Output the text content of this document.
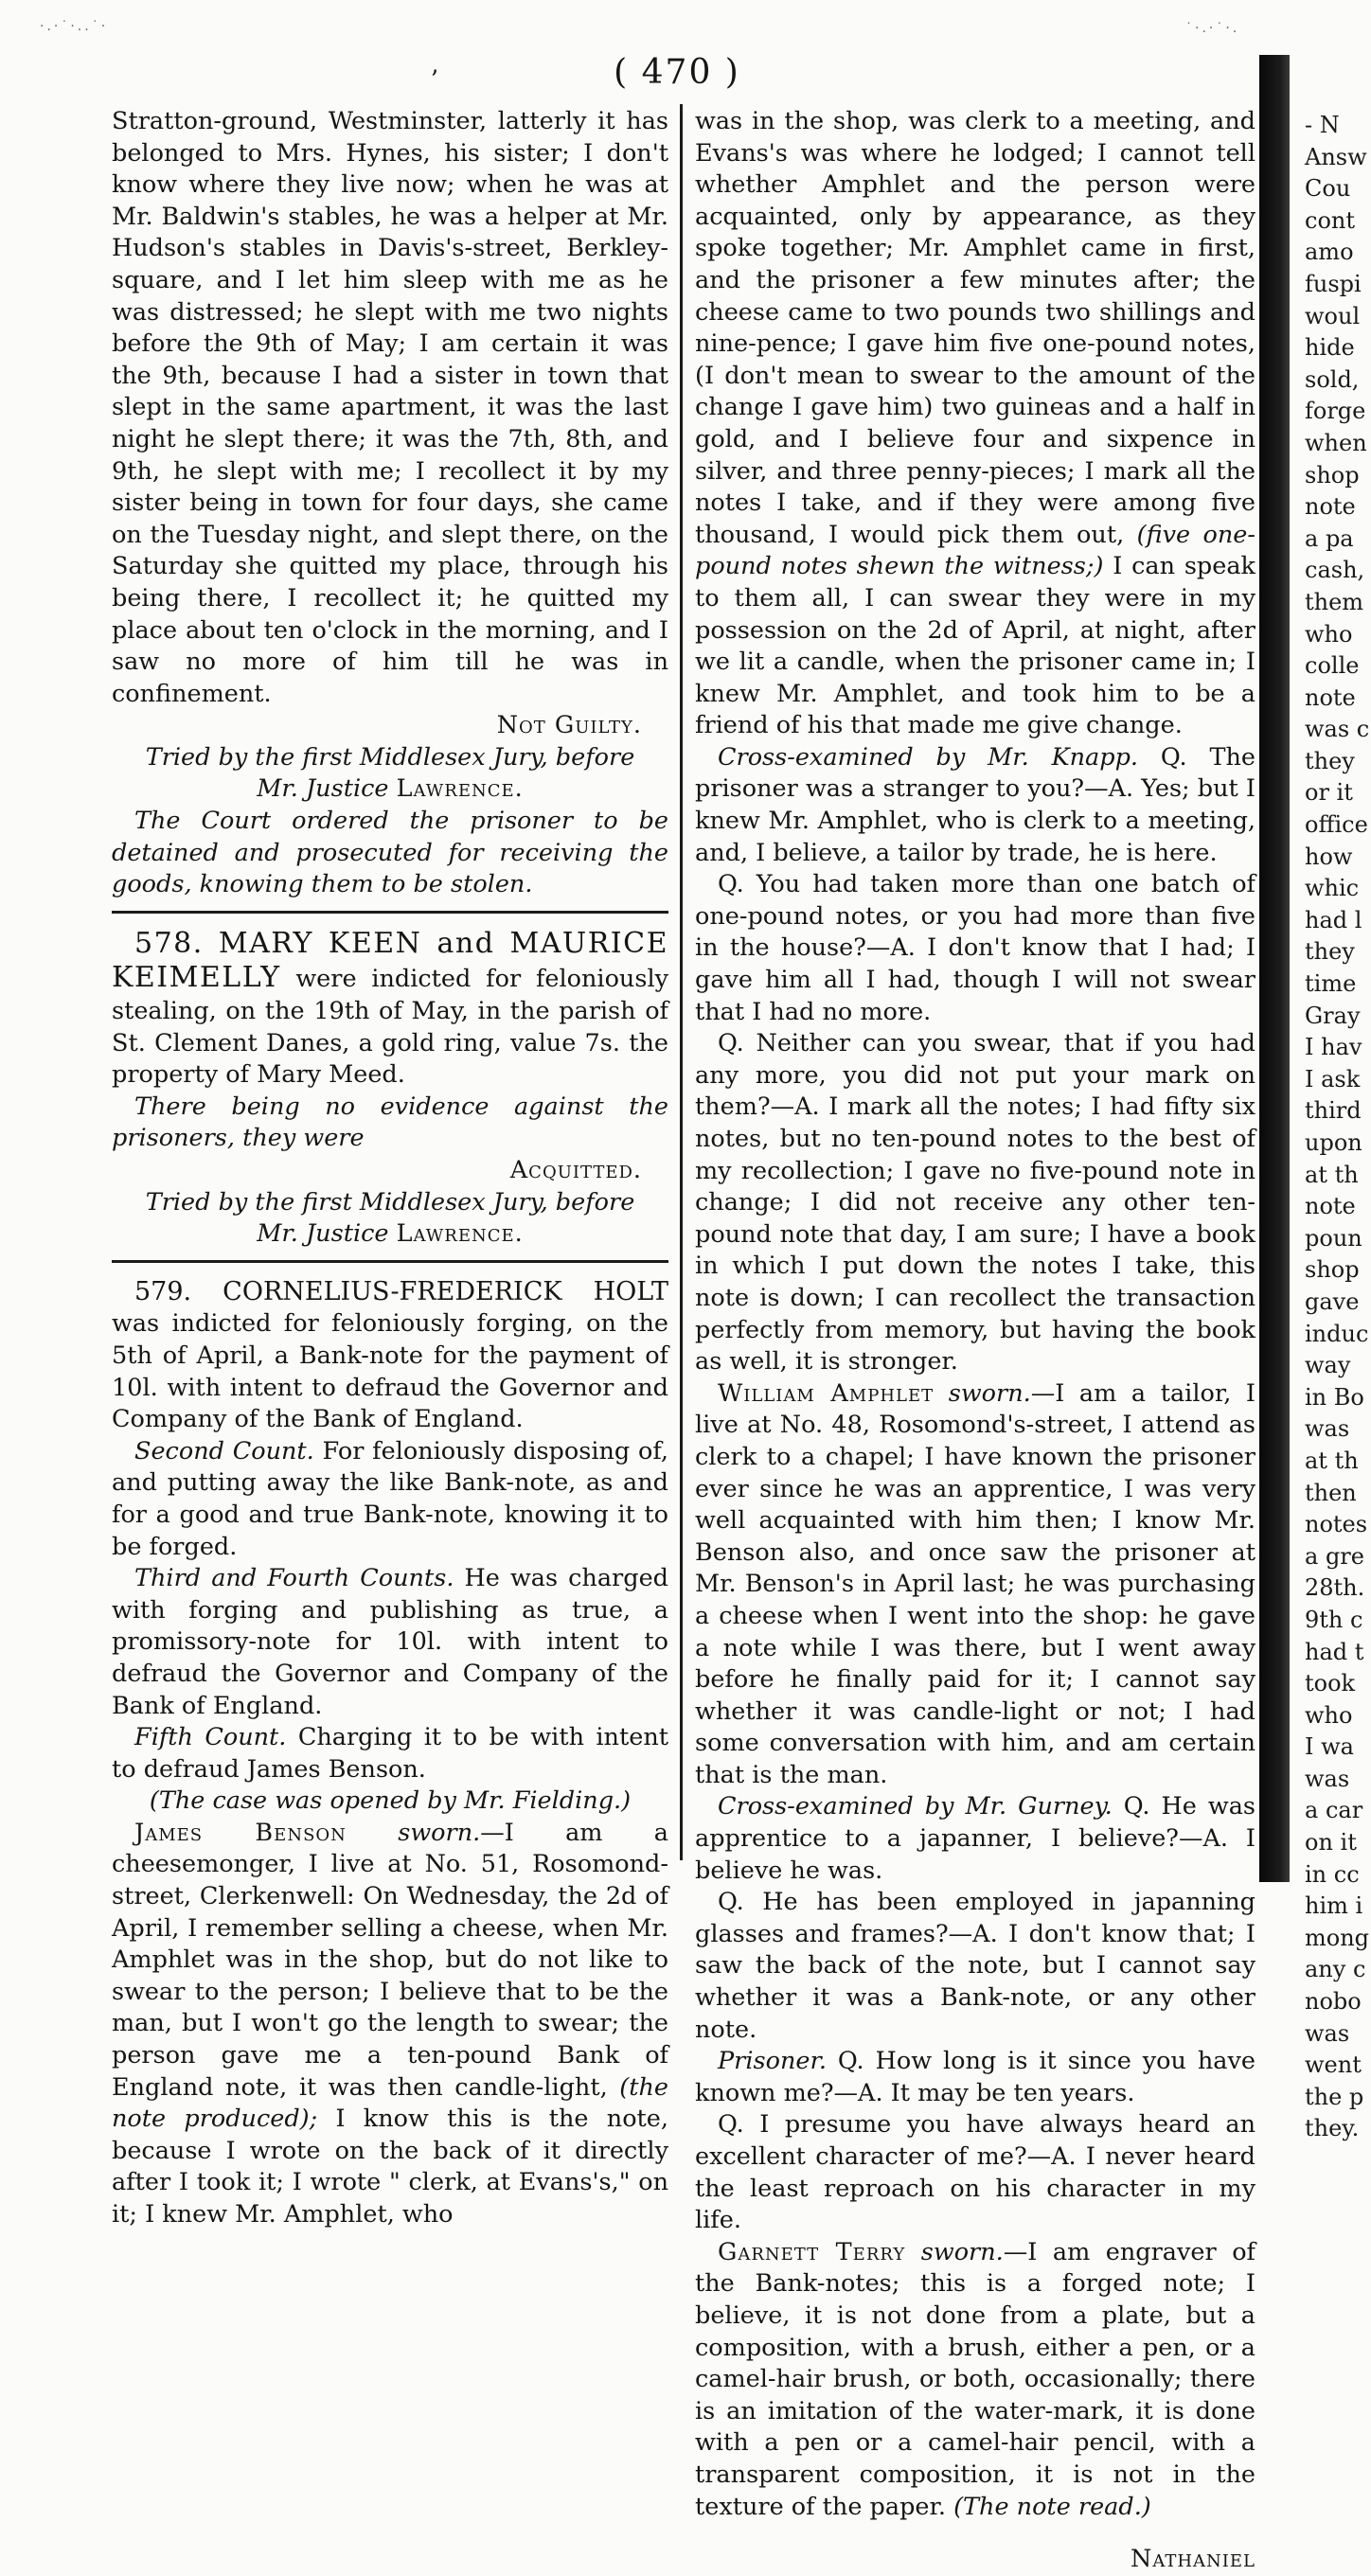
·.·˙·..˙·	˙·.·˙·.
ʼ	( 470 )

Stratton-ground, Westminster, latterly it has belonged to Mrs. Hynes, his sister; I don't know where they live now; when he was at Mr. Baldwin's stables, he was a helper at Mr. Hudson's stables in Davis's-street, Berkley-square, and I let him sleep with me as he was distressed; he slept with me two nights before the 9th of May; I am certain it was the 9th, because I had a sister in town that slept in the same apartment, it was the last night he slept there; it was the 7th, 8th, and 9th, he slept with me; I recollect it by my sister being in town for four days, she came on the Tuesday night, and slept there, on the Saturday she quitted my place, through his being there, I recollect it; he quitted my place about ten o'clock in the morning, and I saw no more of him till he was in confinement.

Not Guilty.

Tried by the first Middlesex Jury, before

Mr. Justice Lawrence.

The Court ordered the prisoner to be detained and prosecuted for receiving the goods, knowing them to be stolen.

578. MARY KEEN and MAURICE KEIMELLY were indicted for feloniously stealing, on the 19th of May, in the parish of St. Clement Danes, a gold ring, value 7s. the property of Mary Meed.

There being no evidence against the prisoners, they were

Acquitted.

Tried by the first Middlesex Jury, before

Mr. Justice Lawrence.

579. CORNELIUS-FREDERICK HOLT was indicted for feloniously forging, on the 5th of April, a Bank-note for the payment of 10l. with intent to defraud the Governor and Company of the Bank of England.

Second Count. For feloniously disposing of, and putting away the like Bank-note, as and for a good and true Bank-note, knowing it to be forged.

Third and Fourth Counts. He was charged with forging and publishing as true, a promissory-note for 10l. with intent to defraud the Governor and Company of the Bank of England.

Fifth Count. Charging it to be with intent to defraud James Benson.

(The case was opened by Mr. Fielding.)

James Benson sworn.—I am a cheesemonger, I live at No. 51, Rosomond-street, Clerkenwell: On Wednesday, the 2d of April, I remember selling a cheese, when Mr. Amphlet was in the shop, but do not like to swear to the person; I believe that to be the man, but I won't go the length to swear; the person gave me a ten-pound Bank of England note, it was then candle-light, (the note produced); I know this is the note, because I wrote on the back of it directly after I took it; I wrote " clerk, at Evans's," on it; I knew Mr. Amphlet, who

was in the shop, was clerk to a meeting, and Evans's was where he lodged; I cannot tell whether Amphlet and the person were acquainted, only by appearance, as they spoke together; Mr. Amphlet came in first, and the prisoner a few minutes after; the cheese came to two pounds two shillings and nine-pence; I gave him five one-pound notes, (I don't mean to swear to the amount of the change I gave him) two guineas and a half in gold, and I believe four and sixpence in silver, and three penny-pieces; I mark all the notes I take, and if they were among five thousand, I would pick them out, (five one-pound notes shewn the witness;) I can speak to them all, I can swear they were in my possession on the 2d of April, at night, after we lit a candle, when the prisoner came in; I knew Mr. Amphlet, and took him to be a friend of his that made me give change.

Cross-examined by Mr. Knapp. Q. The prisoner was a stranger to you?—A. Yes; but I knew Mr. Amphlet, who is clerk to a meeting, and, I believe, a tailor by trade, he is here.

Q. You had taken more than one batch of one-pound notes, or you had more than five in the house?—A. I don't know that I had; I gave him all I had, though I will not swear that I had no more.

Q. Neither can you swear, that if you had any more, you did not put your mark on them?—A. I mark all the notes; I had fifty six notes, but no ten-pound notes to the best of my recollection; I gave no five-pound note in change; I did not receive any other ten-pound note that day, I am sure; I have a book in which I put down the notes I take, this note is down; I can recollect the transaction perfectly from memory, but having the book as well, it is stronger.

William Amphlet sworn.—I am a tailor, I live at No. 48, Rosomond's-street, I attend as clerk to a chapel; I have known the prisoner ever since he was an apprentice, I was very well acquainted with him then; I know Mr. Benson also, and once saw the prisoner at Mr. Benson's in April last; he was purchasing a cheese when I went into the shop: he gave a note while I was there, but I went away before he finally paid for it; I cannot say whether it was candle-light or not; I had some conversation with him, and am certain that is the man.

Cross-examined by Mr. Gurney. Q. He was apprentice to a japanner, I believe?—A. I believe he was.

Q. He has been employed in japanning glasses and frames?—A. I don't know that; I saw the back of the note, but I cannot say whether it was a Bank-note, or any other note.

Prisoner. Q. How long is it since you have known me?—A. It may be ten years.

Q. I presume you have always heard an excellent character of me?—A. I never heard the least reproach on his character in my life.

Garnett Terry sworn.—I am engraver of the Bank-notes; this is a forged note; I believe, it is not done from a plate, but a composition, with a brush, either a pen, or a camel-hair brush, or both, occasionally; there is an imitation of the water-mark, it is done with a pen or a camel-hair pencil, with a transparent composition, it is not in the texture of the paper. (The note read.)

Nathaniel

- N
Answ
Cou
cont
amo
fuspi
woul
hide
sold,
forge
when
shop
note
a pa
cash,
them
who
colle
note
was c
they
or it
office
how
whic
had l
they
time
Gray
I hav
I ask
third
upon
at th
note
poun
shop
gave
induc
way
in Bo
was
at th
then
notes
a gre
28th.
9th c
had t
took
who
I wa
was
a car
on it
in cc
him i
mong
any c
nobo
was
went
the p
they.
